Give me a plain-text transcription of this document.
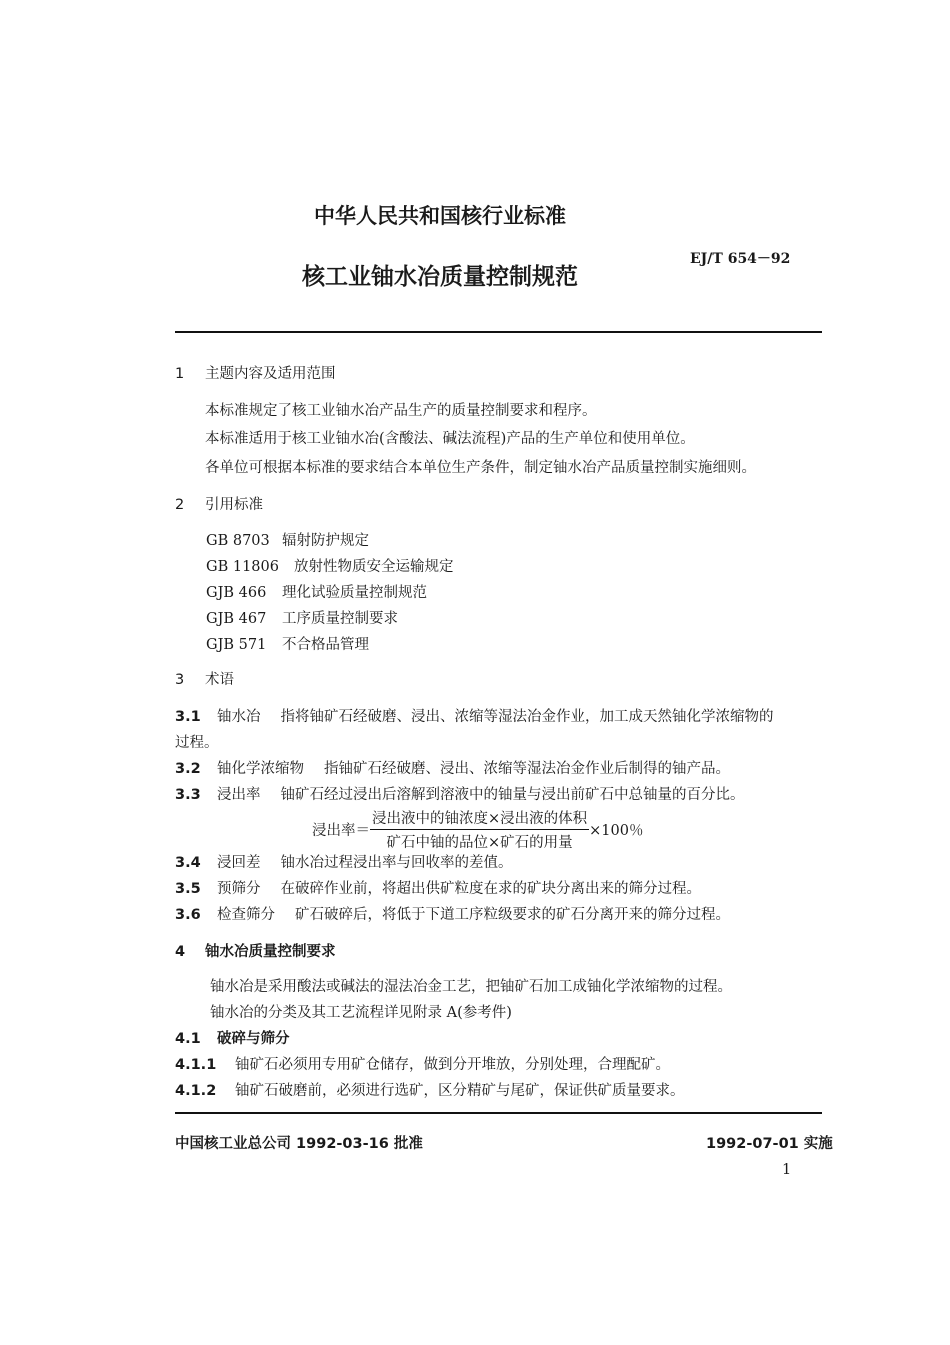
中华人民共和国核行业标准
EJ/T 654－92
核工业铀水冶质量控制规范
1 主题内容及适用范围
本标准规定了核工业铀水冶产品生产的质量控制要求和程序。
本标准适用于核工业铀水冶(含酸法、碱法流程)产品的生产单位和使用单位。
各单位可根据本标准的要求结合本单位生产条件，制定铀水冶产品质量控制实施细则。
2 引用标准
GB 8703 辐射防护规定
GB 11806 放射性物质安全运输规定
GJB 466 理化试验质量控制规范
GJB 467 工序质量控制要求
GJB 571 不合格品管理
3 术语
3.1 铀水冶 指将铀矿石经破磨、浸出、浓缩等湿法冶金作业，加工成天然铀化学浓缩物的
过程。
3.2 铀化学浓缩物 指铀矿石经破磨、浸出、浓缩等湿法冶金作业后制得的铀产品。
3.3 浸出率 铀矿石经过浸出后溶解到溶液中的铀量与浸出前矿石中总铀量的百分比。
浸出率＝ $\frac{\text{浸出液中的铀浓度×浸出液的体积}}{\text{矿石中铀的品位×矿石的用量}} \times 100$％
3.4 浸回差 铀水冶过程浸出率与回收率的差值。
3.5 预筛分 在破碎作业前，将超出供矿粒度在求的矿块分离出来的筛分过程。
3.6 检查筛分 矿石破碎后，将低于下道工序粒级要求的矿石分离开来的筛分过程。
4 铀水冶质量控制要求
铀水冶是采用酸法或碱法的湿法冶金工艺，把铀矿石加工成铀化学浓缩物的过程。
铀水冶的分类及其工艺流程详见附录 A(参考件)
4.1 破碎与筛分
4.1.1 铀矿石必须用专用矿仓储存，做到分开堆放，分别处理，合理配矿。
4.1.2 铀矿石破磨前，必须进行选矿，区分精矿与尾矿，保证供矿质量要求。
中国核工业总公司 1992-03-16 批准	1992-07-01 实施
1
